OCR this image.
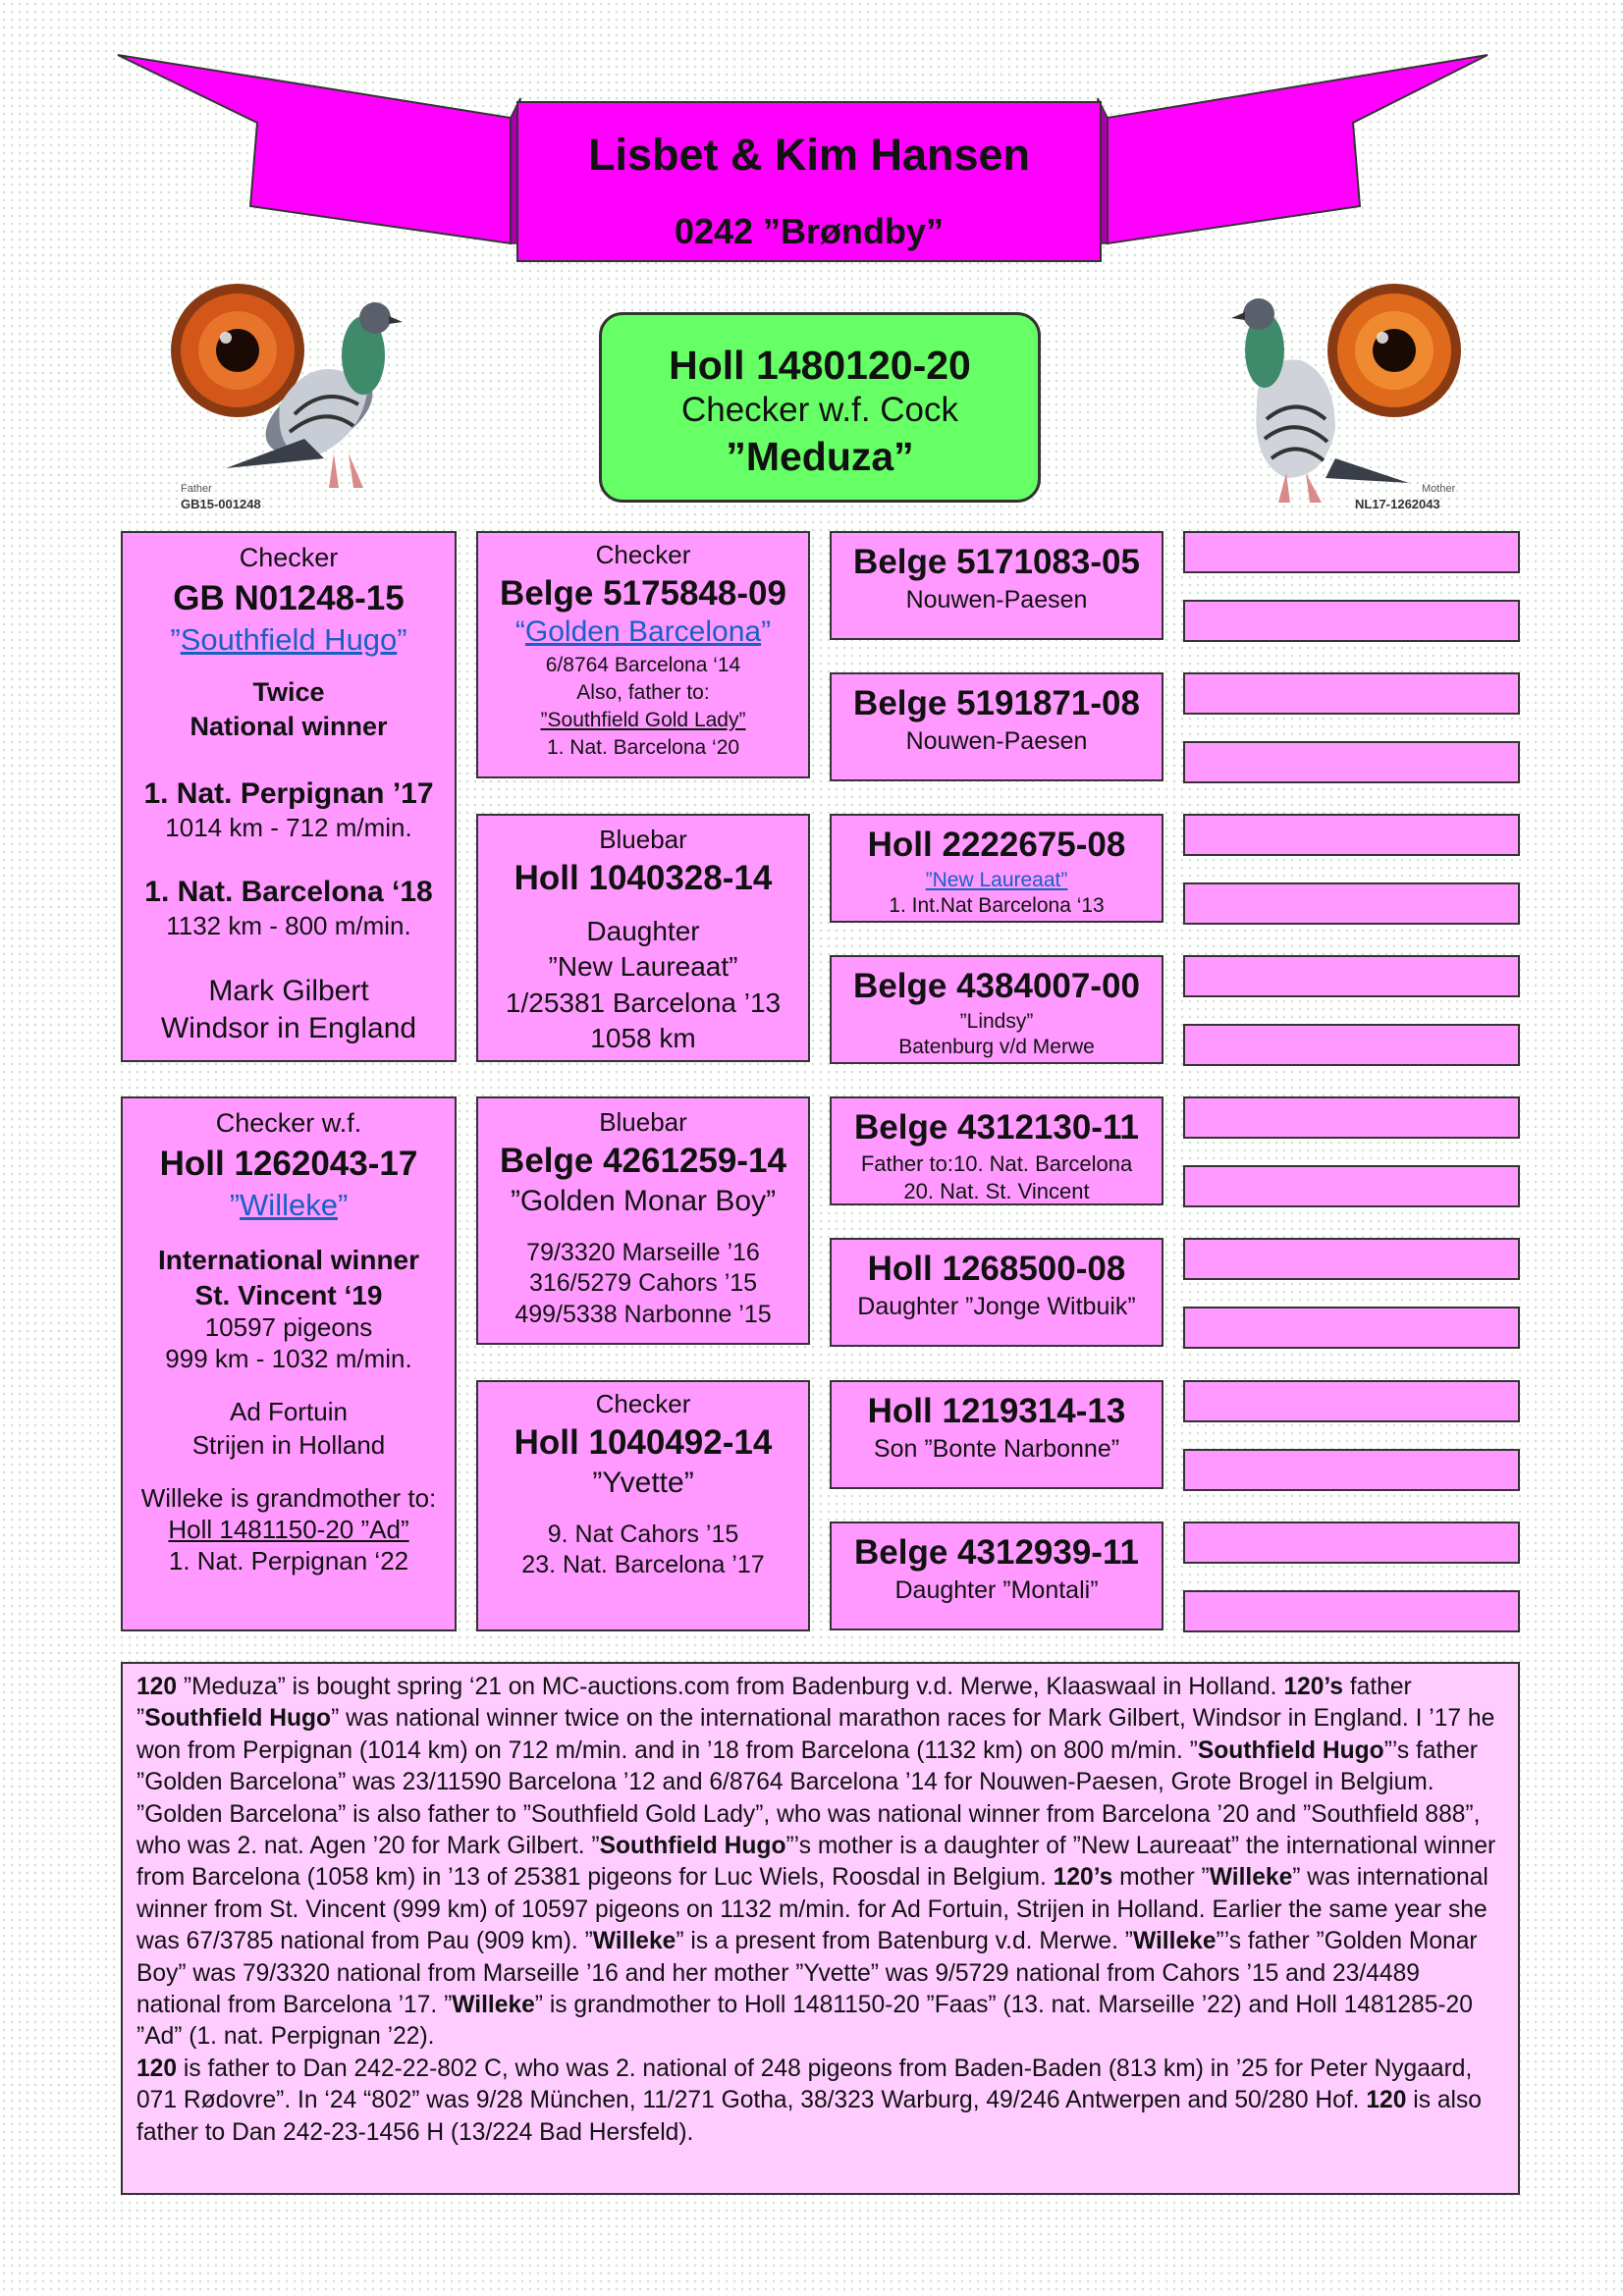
Lisbet & Kim Hansen
0242 ”Brøndby”
Father
GB15-001248
Mother
NL17-1262043
Holl 1480120-20
Checker w.f. Cock
”Meduza”
Checker
GB N01248-15
”Southfield Hugo”
Twice
National winner
1. Nat. Perpignan ’17
1014 km - 712 m/min.
1. Nat. Barcelona ‘18
1132 km - 800 m/min.
Mark Gilbert
Windsor in England
Checker w.f.
Holl 1262043-17
”Willeke”
International winner
St. Vincent ‘19
10597 pigeons
999 km - 1032 m/min.
Ad Fortuin
Strijen in Holland
Willeke is grandmother to:
Holl 1481150-20 ”Ad”
1. Nat. Perpignan ‘22
Checker
Belge 5175848-09
“Golden Barcelona”
6/8764 Barcelona ‘14
Also, father to:
”Southfield Gold Lady”
1. Nat. Barcelona ‘20
Bluebar
Holl 1040328-14
Daughter
”New Laureaat”
1/25381 Barcelona ’13
1058 km
Bluebar
Belge 4261259-14
”Golden Monar Boy”
79/3320 Marseille ’16
316/5279 Cahors ’15
499/5338 Narbonne ’15
Checker
Holl 1040492-14
”Yvette”
9. Nat Cahors ’15
23. Nat. Barcelona ’17
Belge 5171083-05
Nouwen-Paesen
Belge 5191871-08
Nouwen-Paesen
Holl 2222675-08
”New Laureaat”
1. Int.Nat Barcelona ‘13
Belge 4384007-00
”Lindsy”
Batenburg v/d Merwe
Belge 4312130-11
Father to:10. Nat. Barcelona
20. Nat. St. Vincent
Holl 1268500-08
Daughter ”Jonge Witbuik”
Holl 1219314-13
Son ”Bonte Narbonne”
Belge 4312939-11
Daughter ”Montali”

120 ”Meduza” is bought spring ‘21 on MC-auctions.com from Badenburg v.d. Merwe, Klaaswaal in Holland. 120’s father ”Southfield Hugo” was national winner twice on the international marathon races for Mark Gilbert, Windsor in England. I ’17 he won from Perpignan (1014 km) on 712 m/min. and in ’18 from Barcelona (1132 km) on 800 m/min. ”Southfield Hugo”’s father ”Golden Barcelona” was 23/11590 Barcelona ’12 and 6/8764 Barcelona ’14 for Nouwen-Paesen, Grote Brogel in Belgium. ”Golden Barcelona” is also father to ”Southfield Gold Lady”, who was national winner from Barcelona ’20 and ”Southfield 888”, who was 2. nat. Agen ’20 for Mark Gilbert. ”Southfield Hugo”’s mother is a daughter of ”New Laureaat” the international winner from Barcelona (1058 km) in ’13 of 25381 pigeons for Luc Wiels, Roosdal in Belgium. 120’s mother ”Willeke” was international winner from St. Vincent (999 km) of 10597 pigeons on 1132 m/min. for Ad Fortuin, Strijen in Holland. Earlier the same year she was 67/3785 national from Pau (909 km). ”Willeke” is a present from Batenburg v.d. Merwe. ”Willeke”’s father ”Golden Monar Boy” was 79/3320 national from Marseille ’16 and her mother ”Yvette” was 9/5729 national from Cahors ’15 and 23/4489 national from Barcelona ’17. ”Willeke” is grandmother to Holl 1481150-20 ”Faas” (13. nat. Marseille ’22) and Holl 1481285-20 ”Ad” (1. nat. Perpignan ’22).

120 is father to Dan 242-22-802 C, who was 2. national of 248 pigeons from Baden-Baden (813 km) in ’25 for Peter Nygaard, 071 Rødovre”. In ‘24 “802” was 9/28 München, 11/271 Gotha, 38/323 Warburg, 49/246 Antwerpen and 50/280 Hof. 120 is also father to Dan 242-23-1456 H (13/224 Bad Hersfeld).
